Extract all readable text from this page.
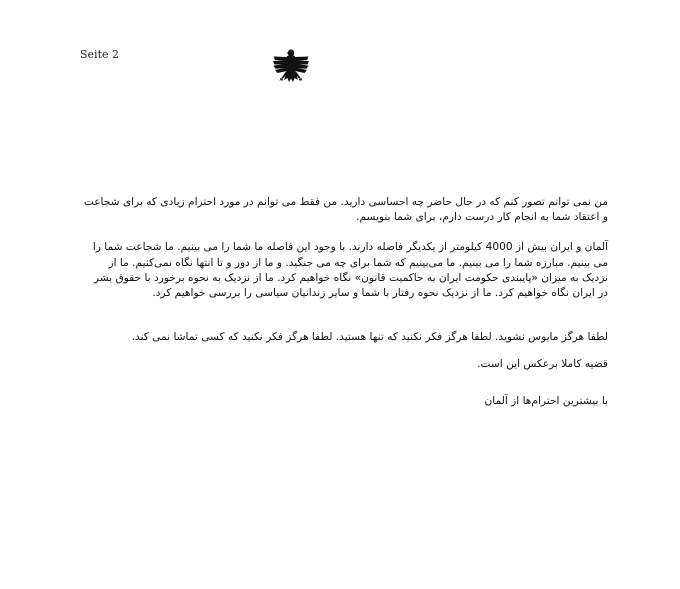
Seite 2

من نمی توانم تصور کنم که در حال حاضر چه احساسی دارید. من فقط می توانم در مورد احترام زیادی که برای شجاعت و اعتقاد شما به انجام کار درست دارم، برای شما بنویسم.

آلمان و ایران بیش از 4000 کیلومتر از یکدیگر فاصله دارند. با وجود این فاصله ما شما را می بینیم. ما شجاعت شما را می بینیم. مبارزه شما را می بینیم. ما می‌بینیم که شما برای چه می جنگید. و ما از دور و تا انتها نگاه نمی‌کنیم. ما از نزدیک به میزان «پایبندی حکومت ایران به حاکمیت قانون» نگاه خواهیم کرد. ما از نزدیک به نحوه برخورد با حقوق بشر در ایران نگاه خواهیم کرد. ما از نزدیک نحوه رفتار با شما و سایر زندانیان سیاسی را بررسی خواهیم کرد.

لطفا هرگز مایوس نشوید. لطفا هرگز فکر نکنید که تنها هستید. لطفا هرگز فکر نکنید که کسی تماشا نمی کند.

قضیه کاملا برعکس این است.

با بیشترین احترام‌ها از آلمان
